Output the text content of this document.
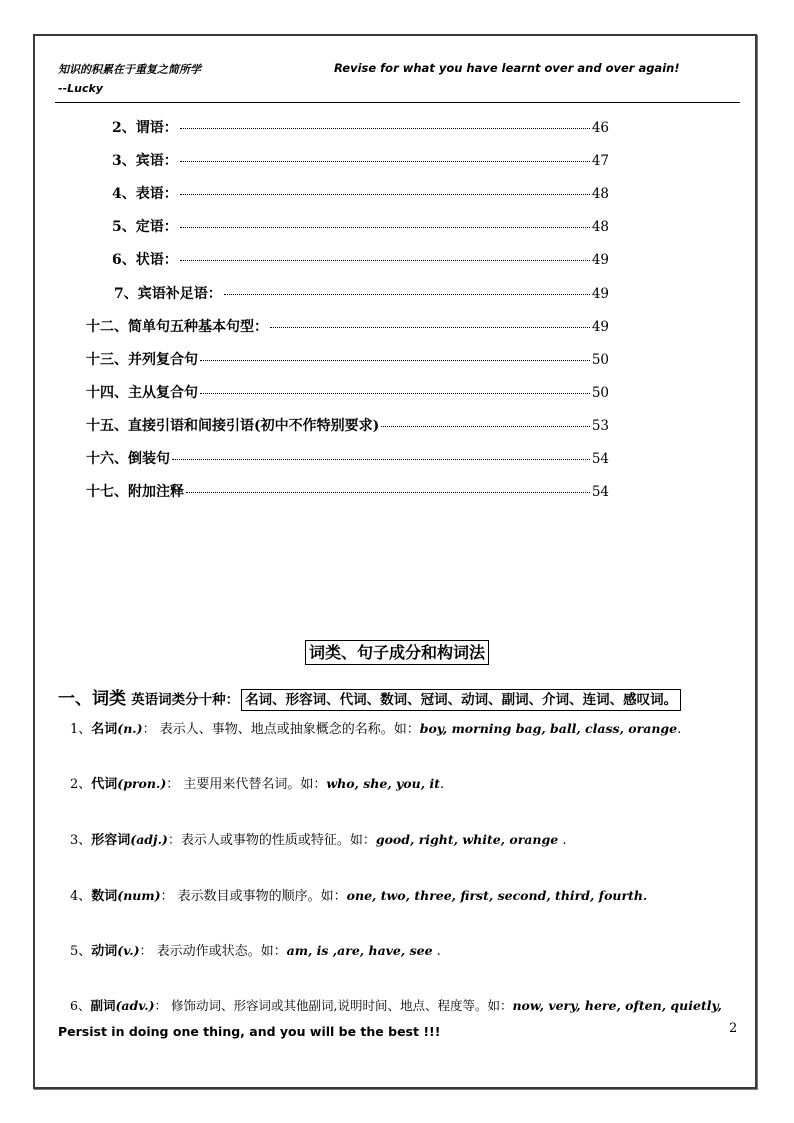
知识的积累在于重复之简所学
--Lucky
Revise for what you have learnt over and over again!
2、谓语：	46
3、宾语：	47
4、表语：	48
5、定语：	48
6、状语：	49
7、宾语补足语：	49
十二、简单句五种基本句型：	49
十三、并列复合句	50
十四、主从复合句	50
十五、直接引语和间接引语(初中不作特别要求)	53
十六、倒装句	54
十七、附加注释	54
词类、句子成分和构词法
一、词类 英语词类分十种： 名词、形容词、代词、数词、冠词、动词、副词、介词、连词、感叹词。
1、名词(n.)： 表示人、事物、地点或抽象概念的名称。如：boy, morning bag, ball, class, orange.
2、代词(pron.)： 主要用来代替名词。如：who, she, you, it.
3、形容词(adj.)：表示人或事物的性质或特征。如：good, right, white, orange .
4、数词(num)： 表示数目或事物的顺序。如：one, two, three, first, second, third, fourth.
5、动词(v.)： 表示动作或状态。如：am, is ,are, have, see .
6、副词(adv.)： 修饰动词、形容词或其他副词,说明时间、地点、程度等。如：now, very, here, often, quietly,
Persist in doing one thing, and you will be the best !!!	2
